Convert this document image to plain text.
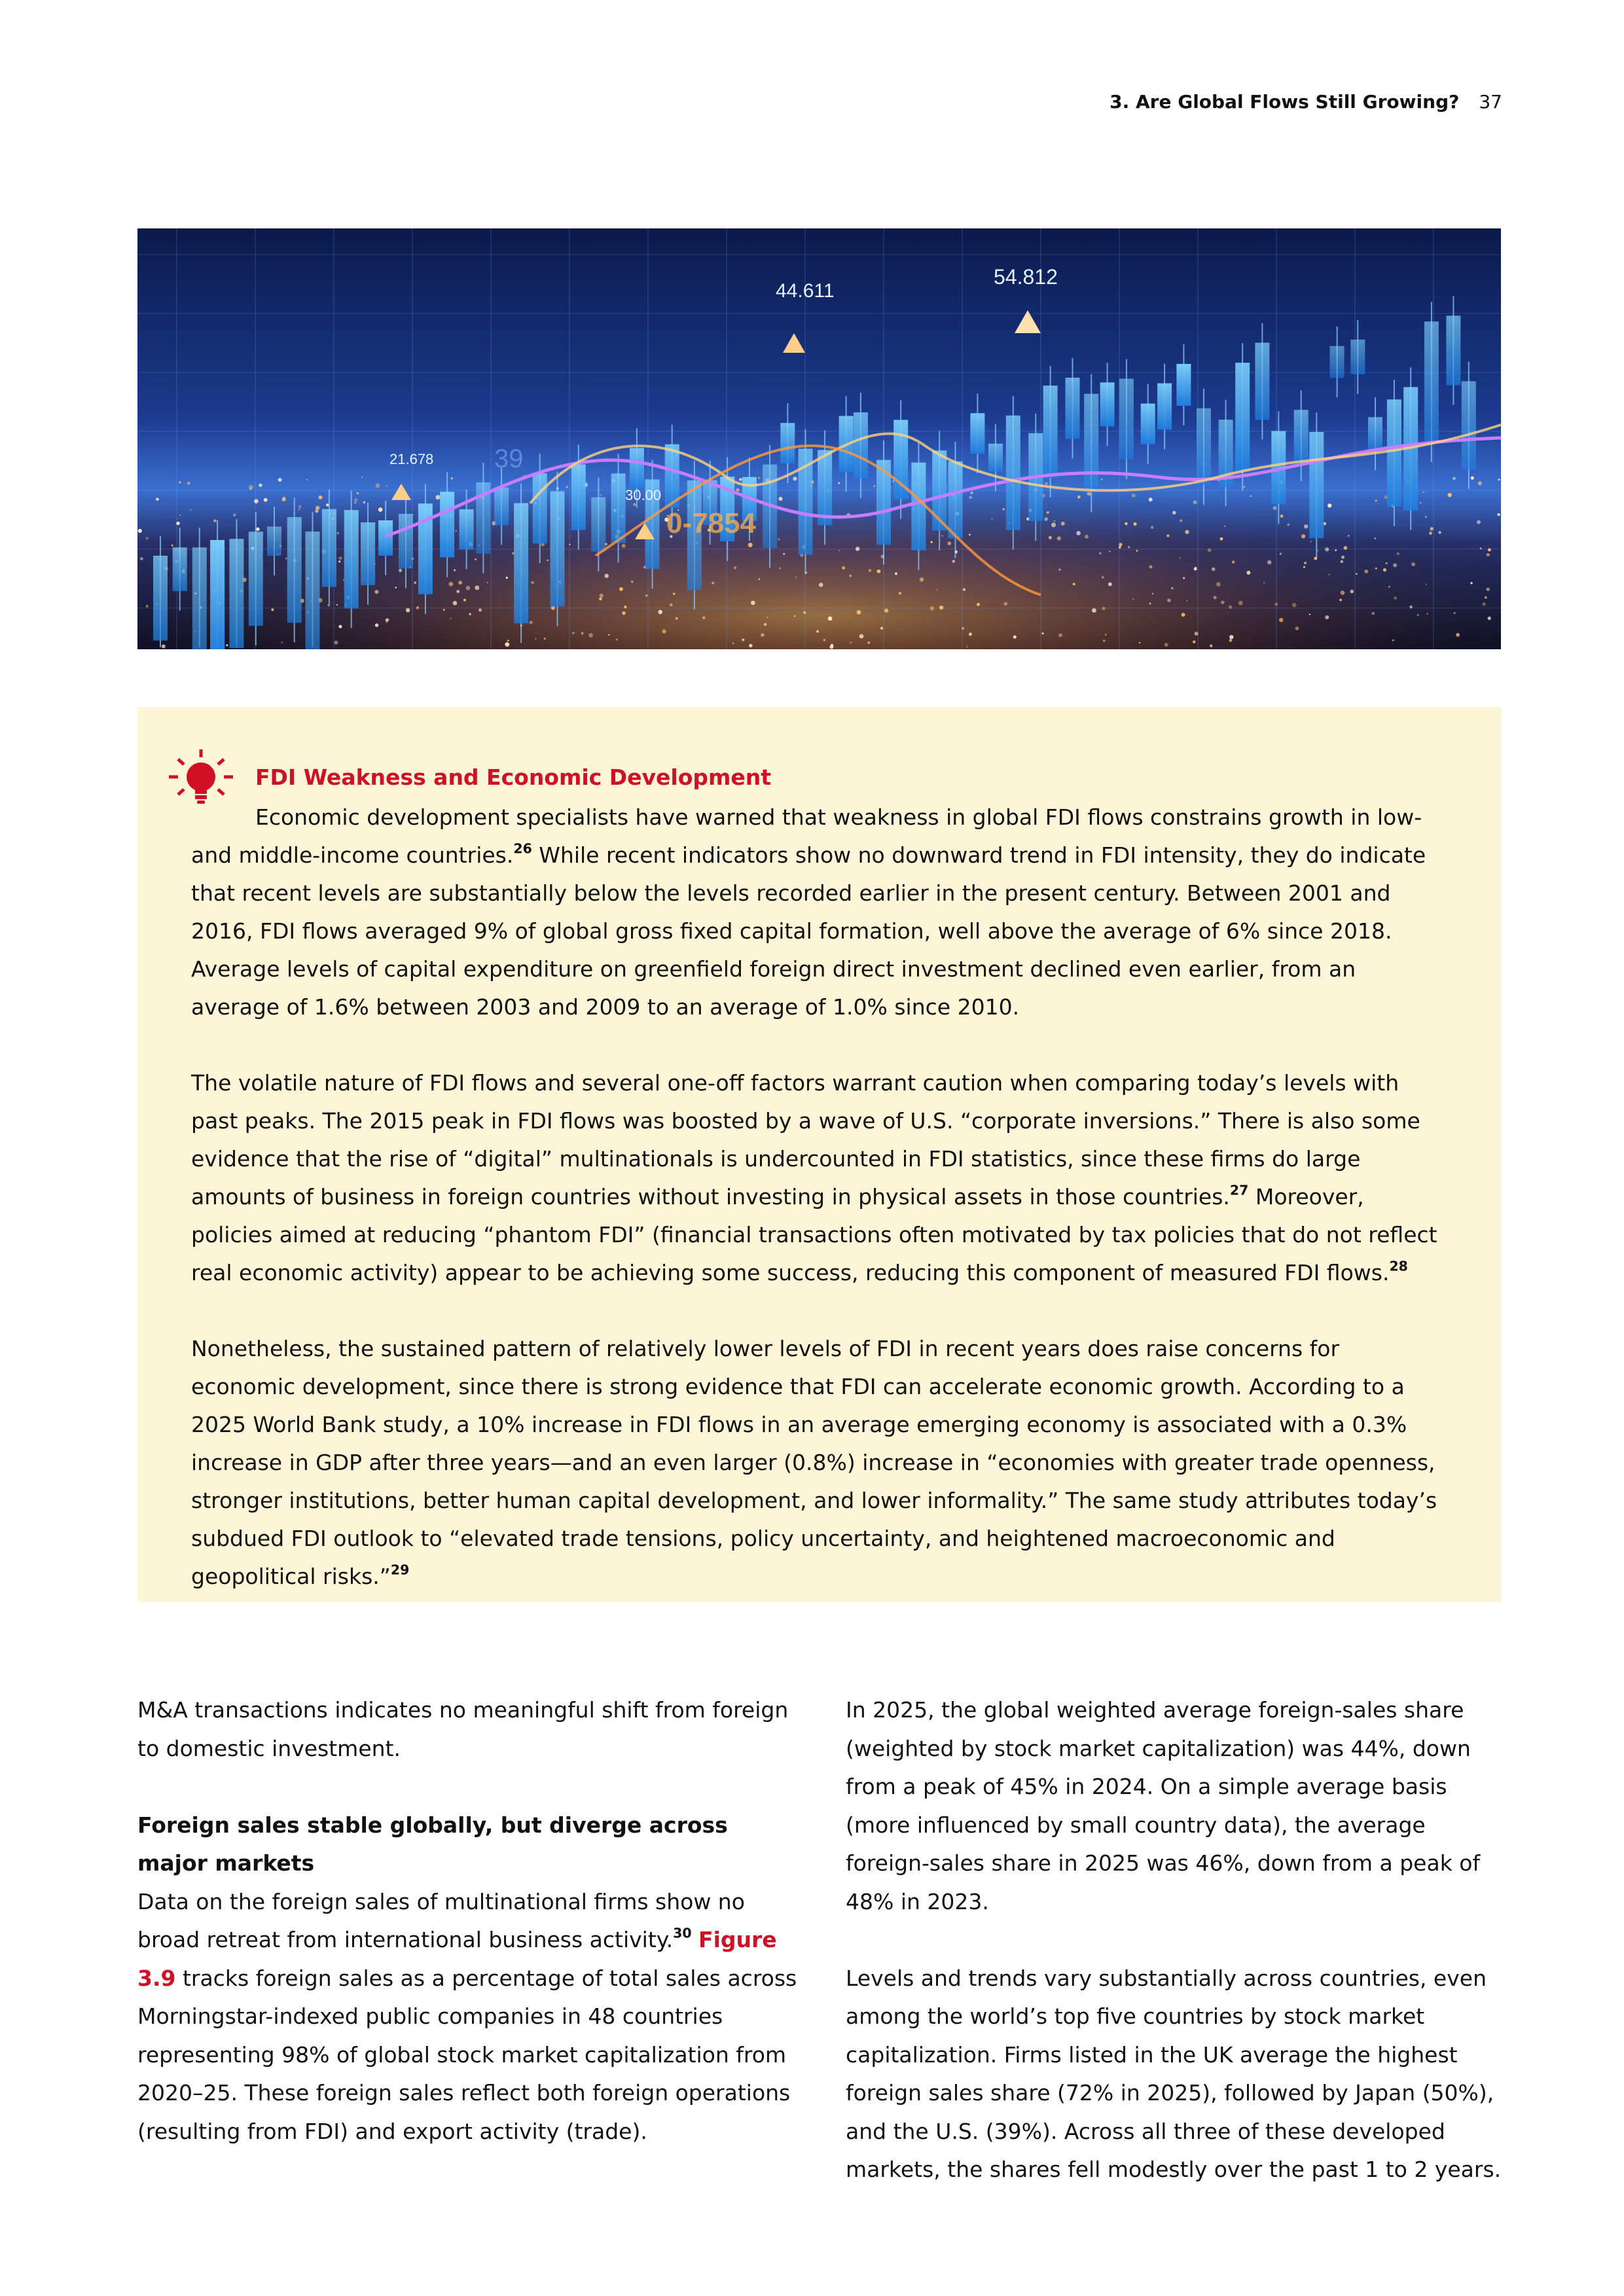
3. Are Global Flows Still Growing? 37
44.611
54.812
21.678
30.00
0-7854
39
FDI Weakness and Economic Development

Economic development specialists have warned that weakness in global FDI flows constrains growth in low- and middle-income countries.$^{26}$ While recent indicators show no downward trend in FDI intensity, they do indicate that recent levels are substantially below the levels recorded earlier in the present century. Between 2001 and 2016, FDI flows averaged 9% of global gross fixed capital formation, well above the average of 6% since 2018. Average levels of capital expenditure on greenfield foreign direct investment declined even earlier, from an average of 1.6% between 2003 and 2009 to an average of 1.0% since 2010.

The volatile nature of FDI flows and several one-off factors warrant caution when comparing today’s levels with past peaks. The 2015 peak in FDI flows was boosted by a wave of U.S. “corporate inversions.” There is also some evidence that the rise of “digital” multinationals is undercounted in FDI statistics, since these firms do large amounts of business in foreign countries without investing in physical assets in those countries.$^{27}$ Moreover, policies aimed at reducing “phantom FDI” (financial transactions often motivated by tax policies that do not reflect real economic activity) appear to be achieving some success, reducing this component of measured FDI flows.$^{28}$

Nonetheless, the sustained pattern of relatively lower levels of FDI in recent years does raise concerns for economic development, since there is strong evidence that FDI can accelerate economic growth. According to a 2025 World Bank study, a 10% increase in FDI flows in an average emerging economy is associated with a 0.3% increase in GDP after three years—and an even larger (0.8%) increase in “economies with greater trade openness, stronger institutions, better human capital development, and lower informality.” The same study attributes today’s subdued FDI outlook to “elevated trade tensions, policy uncertainty, and heightened macroeconomic and geopolitical risks.”$^{29}$

M&A transactions indicates no meaningful shift from foreign to domestic investment.

Foreign sales stable globally, but diverge across
major markets
Data on the foreign sales of multinational firms show no broad retreat from international business activity.$^{30}$ Figure 3.9 tracks foreign sales as a percentage of total sales across Morningstar-indexed public companies in 48 countries representing 98% of global stock market capitalization from 2020–25. These foreign sales reflect both foreign operations (resulting from FDI) and export activity (trade).

In 2025, the global weighted average foreign-sales share (weighted by stock market capitalization) was 44%, down from a peak of 45% in 2024. On a simple average basis (more influenced by small country data), the average foreign-sales share in 2025 was 46%, down from a peak of 48% in 2023.

Levels and trends vary substantially across countries, even among the world’s top five countries by stock market capitalization. Firms listed in the UK average the highest foreign sales share (72% in 2025), followed by Japan (50%), and the U.S. (39%). Across all three of these developed markets, the shares fell modestly over the past 1 to 2 years.
